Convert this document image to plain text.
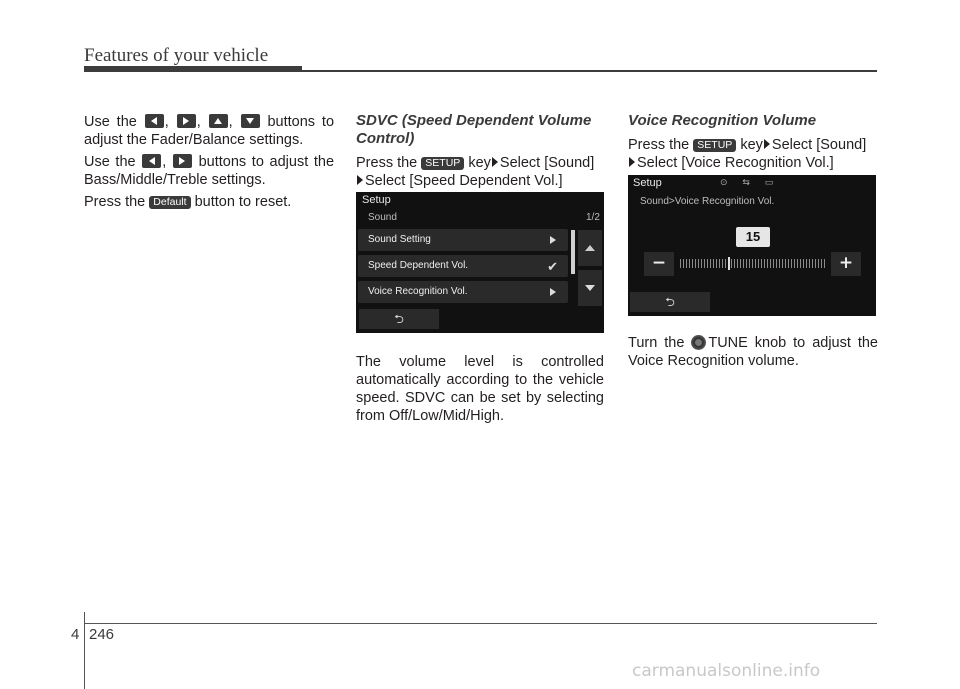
Features of your vehicle

Use the , , , buttons to adjust the Fader/Balance settings.

Use the , buttons to adjust the Bass/Middle/Treble settings.

Press the Default button to reset.

SDVC (Speed Dependent Volume Control)

Press the SETUP key Select [Sound]
Select [Speed Dependent Vol.]

The volume level is controlled automatically according to the vehicle speed. SDVC can be set by selecting from Off/Low/Mid/High.

Setup
Sound	1/2
Sound Setting
Speed Dependent Vol.	✔
Voice Recognition Vol.
⮌
Voice Recognition Volume

Press the SETUP key Select [Sound]
Select [Voice Recognition Vol.]

Setup	⊙ ⇆ ▭
Sound>Voice Recognition Vol.
15
−	+
⮌

Turn the TUNE knob to adjust the Voice Recognition volume.

4 246
carmanualsonline.info
